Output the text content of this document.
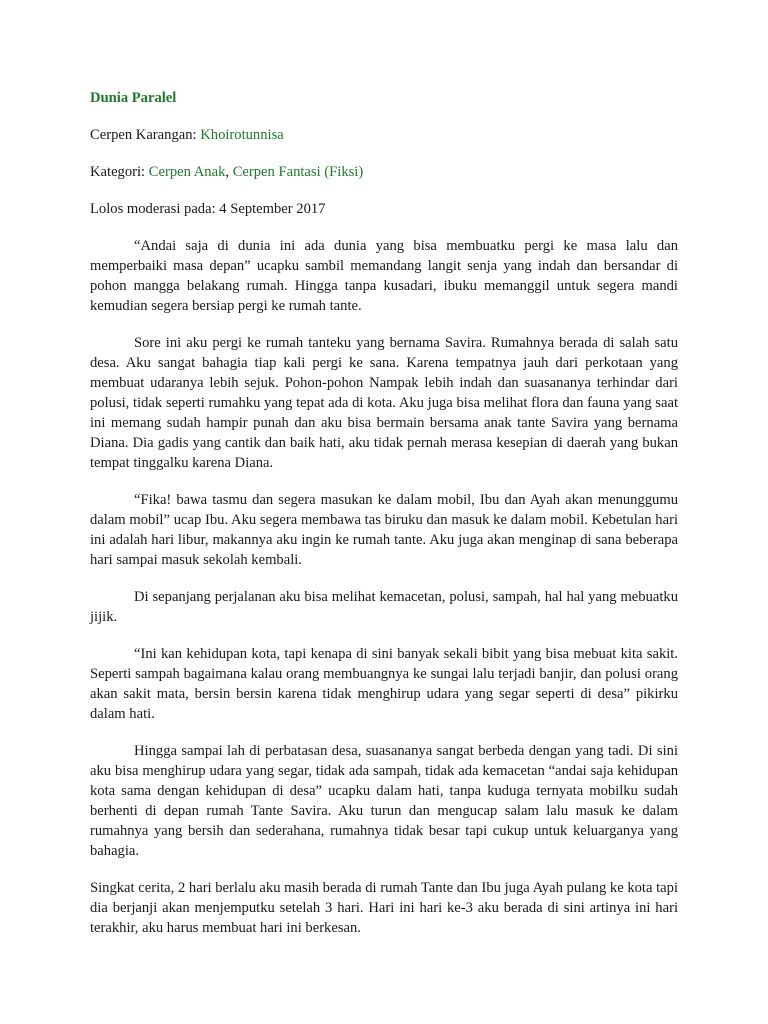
Dunia Paralel
Cerpen Karangan: Khoirotunnisa
Kategori: Cerpen Anak, Cerpen Fantasi (Fiksi)
Lolos moderasi pada: 4 September 2017

“Andai saja di dunia ini ada dunia yang bisa membuatku pergi ke masa lalu dan memperbaiki masa depan” ucapku sambil memandang langit senja yang indah dan bersandar di pohon mangga belakang rumah. Hingga tanpa kusadari, ibuku memanggil untuk segera mandi kemudian segera bersiap pergi ke rumah tante.

Sore ini aku pergi ke rumah tanteku yang bernama Savira. Rumahnya berada di salah satu desa. Aku sangat bahagia tiap kali pergi ke sana. Karena tempatnya jauh dari perkotaan yang membuat udaranya lebih sejuk. Pohon-pohon Nampak lebih indah dan suasananya terhindar dari polusi, tidak seperti rumahku yang tepat ada di kota. Aku juga bisa melihat flora dan fauna yang saat ini memang sudah hampir punah dan aku bisa bermain bersama anak tante Savira yang bernama Diana. Dia gadis yang cantik dan baik hati, aku tidak pernah merasa kesepian di daerah yang bukan tempat tinggalku karena Diana.

“Fika! bawa tasmu dan segera masukan ke dalam mobil, Ibu dan Ayah akan menunggumu dalam mobil” ucap Ibu. Aku segera membawa tas biruku dan masuk ke dalam mobil. Kebetulan hari ini adalah hari libur, makannya aku ingin ke rumah tante. Aku juga akan menginap di sana beberapa hari sampai masuk sekolah kembali.

Di sepanjang perjalanan aku bisa melihat kemacetan, polusi, sampah, hal hal yang mebuatku jijik.

“Ini kan kehidupan kota, tapi kenapa di sini banyak sekali bibit yang bisa mebuat kita sakit. Seperti sampah bagaimana kalau orang membuangnya ke sungai lalu terjadi banjir, dan polusi orang akan sakit mata, bersin bersin karena tidak menghirup udara yang segar seperti di desa” pikirku dalam hati.

Hingga sampai lah di perbatasan desa, suasananya sangat berbeda dengan yang tadi. Di sini aku bisa menghirup udara yang segar, tidak ada sampah, tidak ada kemacetan “andai saja kehidupan kota sama dengan kehidupan di desa” ucapku dalam hati, tanpa kuduga ternyata mobilku sudah berhenti di depan rumah Tante Savira. Aku turun dan mengucap salam lalu masuk ke dalam rumahnya yang bersih dan sederahana, rumahnya tidak besar tapi cukup untuk keluarganya yang bahagia.

Singkat cerita, 2 hari berlalu aku masih berada di rumah Tante dan Ibu juga Ayah pulang ke kota tapi dia berjanji akan menjemputku setelah 3 hari. Hari ini hari ke-3 aku berada di sini artinya ini hari terakhir, aku harus membuat hari ini berkesan.
